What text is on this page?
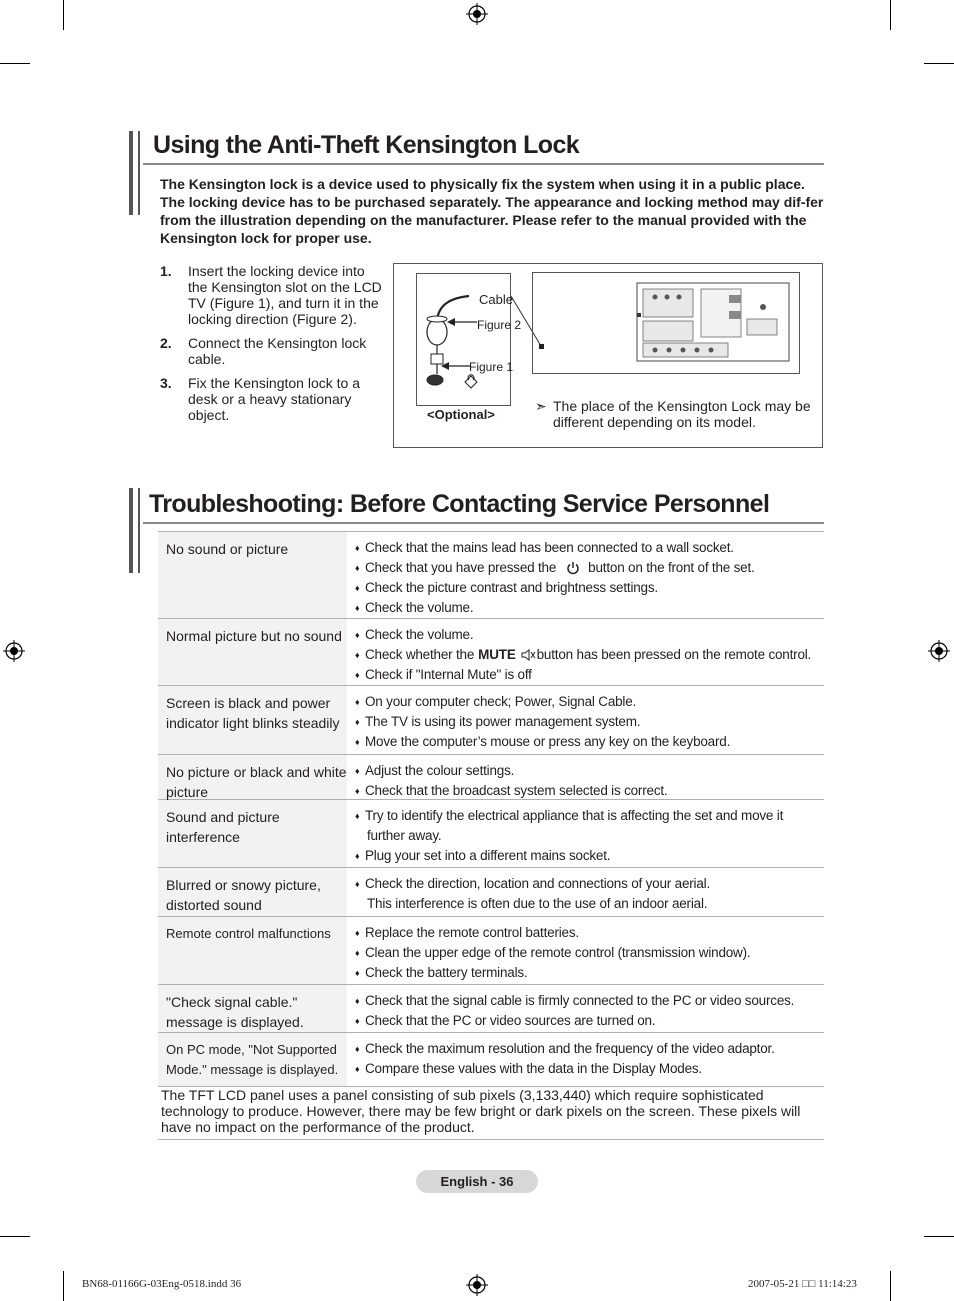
Using the Anti-Theft Kensington Lock
The Kensington lock is a device used to physically fix the system when using it in a public place. The locking device has to be purchased separately. The appearance and locking method may dif-fer from the illustration depending on the manufacturer. Please refer to the manual provided with the Kensington lock for proper use.
1.	Insert the locking device into the Kensington slot on the LCD TV (Figure 1), and turn it in the locking direction (Figure 2).
2.	Connect the Kensington lock cable.
3.	Fix the Kensington lock to a desk or a heavy stationary object.
Cable
Figure 2
Figure 1
<Optional>
➣ The place of the Kensington Lock may be different depending on its model.
Troubleshooting: Before Contacting Service Personnel
No sound or picture	♦ Check that the mains lead has been connected to a wall socket.
♦ Check that you have pressed the button on the front of the set.
♦ Check the picture contrast and brightness settings.
♦ Check the volume.
Normal picture but no sound	♦ Check the volume.
♦ Check whether the MUTE button has been pressed on the remote control.
♦ Check if "Internal Mute" is off
Screen is black and power indicator light blinks steadily
♦ On your computer check; Power, Signal Cable.
♦ The TV is using its power management system.
♦ Move the computer’s mouse or press any key on the keyboard.
No picture or black and white picture
♦ Adjust the colour settings.
♦ Check that the broadcast system selected is correct.
Sound and picture interference
♦ Try to identify the electrical appliance that is affecting the set and move it
further away.
♦ Plug your set into a different mains socket.
Blurred or snowy picture, distorted sound
♦ Check the direction, location and connections of your aerial.
This interference is often due to the use of an indoor aerial.
Remote control malfunctions	♦ Replace the remote control batteries.
♦ Clean the upper edge of the remote control (transmission window).
♦ Check the battery terminals.
"Check signal cable." message is displayed.
♦ Check that the signal cable is firmly connected to the PC or video sources.
♦ Check that the PC or video sources are turned on.
On PC mode, "Not Supported Mode." message is displayed.
♦ Check the maximum resolution and the frequency of the video adaptor.
♦ Compare these values with the data in the Display Modes.
The TFT LCD panel uses a panel consisting of sub pixels (3,133,440) which require sophisticated technology to produce. However, there may be few bright or dark pixels on the screen. These pixels will have no impact on the performance of the product.
English - 36
BN68-01166G-03Eng-0518.indd 36	2007-05-21 □□ 11:14:23
